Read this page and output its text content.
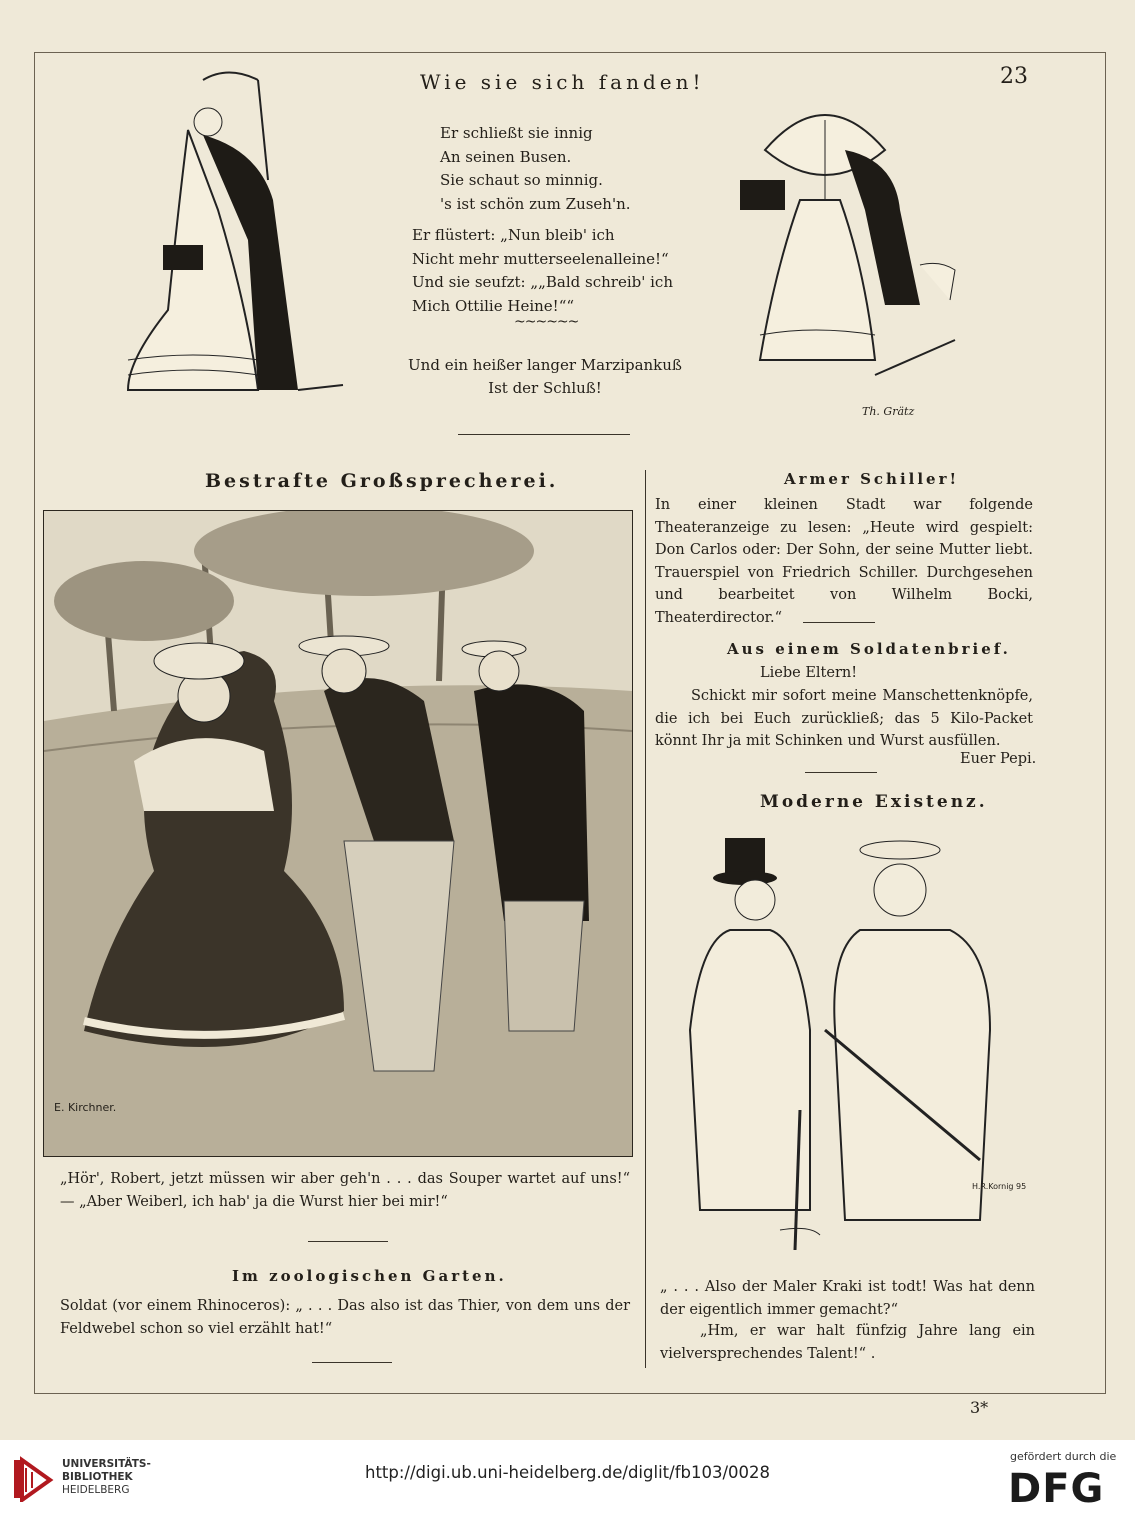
23
Wie sie sich fanden!
Er schließt sie innig
An seinen Busen.
Sie schaut so minnig.
's ist schön zum Zuseh'n.
Er flüstert: „Nun bleib' ich
Nicht mehr mutterseelenalleine!“
Und sie seufzt: „„Bald schreib' ich
Mich Ottilie Heine!““
~~~~~~
Und ein heißer langer Marzipankuß
Ist der Schluß!
Th. Grätz
Bestrafte Großsprecherei.
E. Kirchner.
„Hör', Robert, jetzt müssen wir aber geh'n . . . das Souper wartet auf uns!“ — „Aber Weiberl, ich hab' ja die Wurst hier bei mir!“
Im zoologischen Garten.
Soldat (vor einem Rhinoceros): „ . . . Das also ist das Thier, von dem uns der Feldwebel schon so viel erzählt hat!“
Armer Schiller!
In einer kleinen Stadt war folgende Theateranzeige zu lesen: „Heute wird gespielt: Don Carlos oder: Der Sohn, der seine Mutter liebt. Trauerspiel von Friedrich Schiller. Durchgesehen und bearbeitet von Wilhelm Bocki, Theaterdirector.“
Aus einem Soldatenbrief.
Liebe Eltern!
Schickt mir sofort meine Manschettenknöpfe, die ich bei Euch zurückließ; das 5 Kilo-Packet könnt Ihr ja mit Schinken und Wurst ausfüllen.
Euer Pepi.
Moderne Existenz.
H.R.Kornig 95
„ . . . Also der Maler Kraki ist todt! Was hat denn der eigentlich immer gemacht?“
„Hm, er war halt fünfzig Jahre lang ein vielversprechendes Talent!“ .
3*
UNIVERSITÄTS-
BIBLIOTHEK
HEIDELBERG
http://digi.ub.uni-heidelberg.de/diglit/fb103/0028
gefördert durch die
DFG
